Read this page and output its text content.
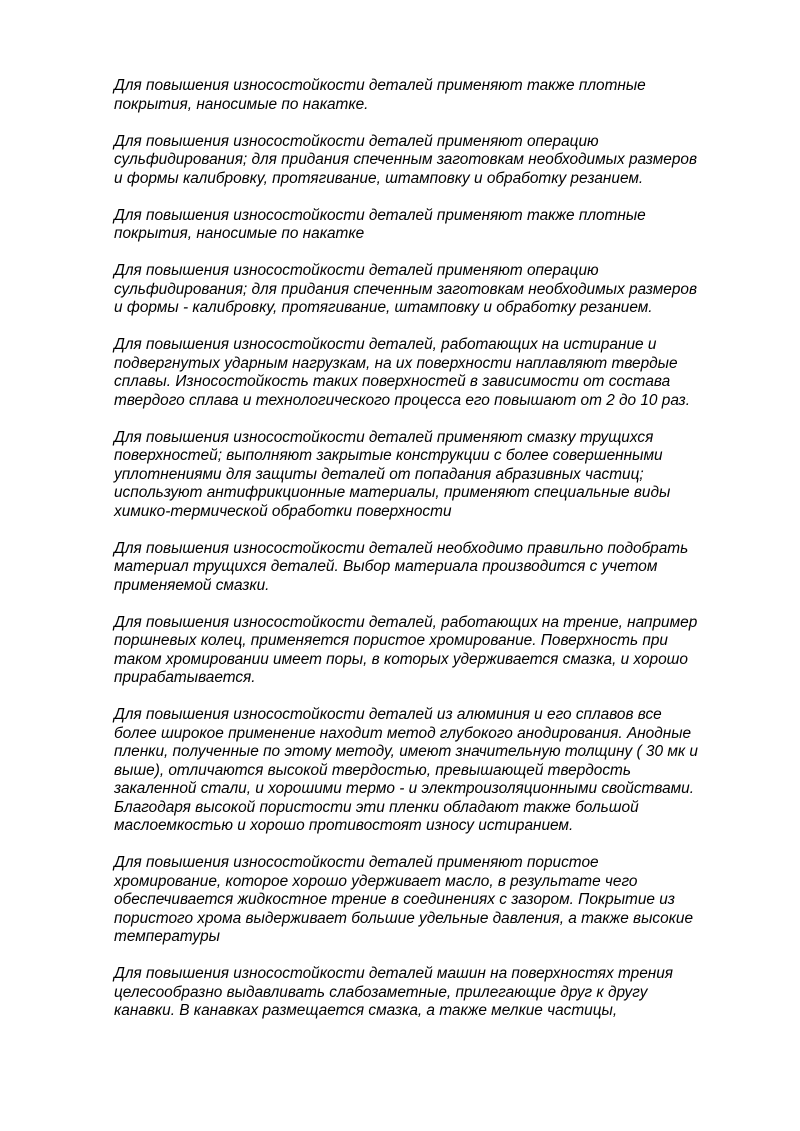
Для повышения износостойкости деталей применяют также плотные
покрытия, наносимые по накатке.

Для повышения износостойкости деталей применяют операцию
сульфидирования; для придания спеченным заготовкам необходимых размеров
и формы калибровку, протягивание, штамповку и обработку резанием.

Для повышения износостойкости деталей применяют также плотные
покрытия, наносимые по накатке

Для повышения износостойкости деталей применяют операцию
сульфидирования; для придания спеченным заготовкам необходимых размеров
и формы - калибровку, протягивание, штамповку и обработку резанием.

Для повышения износостойкости деталей, работающих на истирание и
подвергнутых ударным нагрузкам, на их поверхности наплавляют твердые
сплавы. Износостойкость таких поверхностей в зависимости от состава
твердого сплава и технологического процесса его повышают от 2 до 10 раз.

Для повышения износостойкости деталей применяют смазку трущихся
поверхностей; выполняют закрытые конструкции с более совершенными
уплотнениями для защиты деталей от попадания абразивных частиц;
используют антифрикционные материалы, применяют специальные виды
химико-термической обработки поверхности

Для повышения износостойкости деталей необходимо правильно подобрать
материал трущихся деталей. Выбор материала производится с учетом
применяемой смазки.

Для повышения износостойкости деталей, работающих на трение, например
поршневых колец, применяется пористое хромирование. Поверхность при
таком хромировании имеет поры, в которых удерживается смазка, и хорошо
прирабатывается.

Для повышения износостойкости деталей из алюминия и его сплавов все
более широкое применение находит метод глубокого анодирования. Анодные
пленки, полученные по этому методу, имеют значительную толщину ( 30 мк и
выше), отличаются высокой твердостью, превышающей твердость
закаленной стали, и хорошими термо - и электроизоляционными свойствами.
Благодаря высокой пористости эти пленки обладают также большой
маслоемкостью и хорошо противостоят износу истиранием.

Для повышения износостойкости деталей применяют пористое
хромирование, которое хорошо удерживает масло, в результате чего
обеспечивается жидкостное трение в соединениях с зазором. Покрытие из
пористого хрома выдерживает большие удельные давления, а также высокие
температуры

Для повышения износостойкости деталей машин на поверхностях трения
целесообразно выдавливать слабозаметные, прилегающие друг к другу
канавки. В канавках размещается смазка, а также мелкие частицы,
